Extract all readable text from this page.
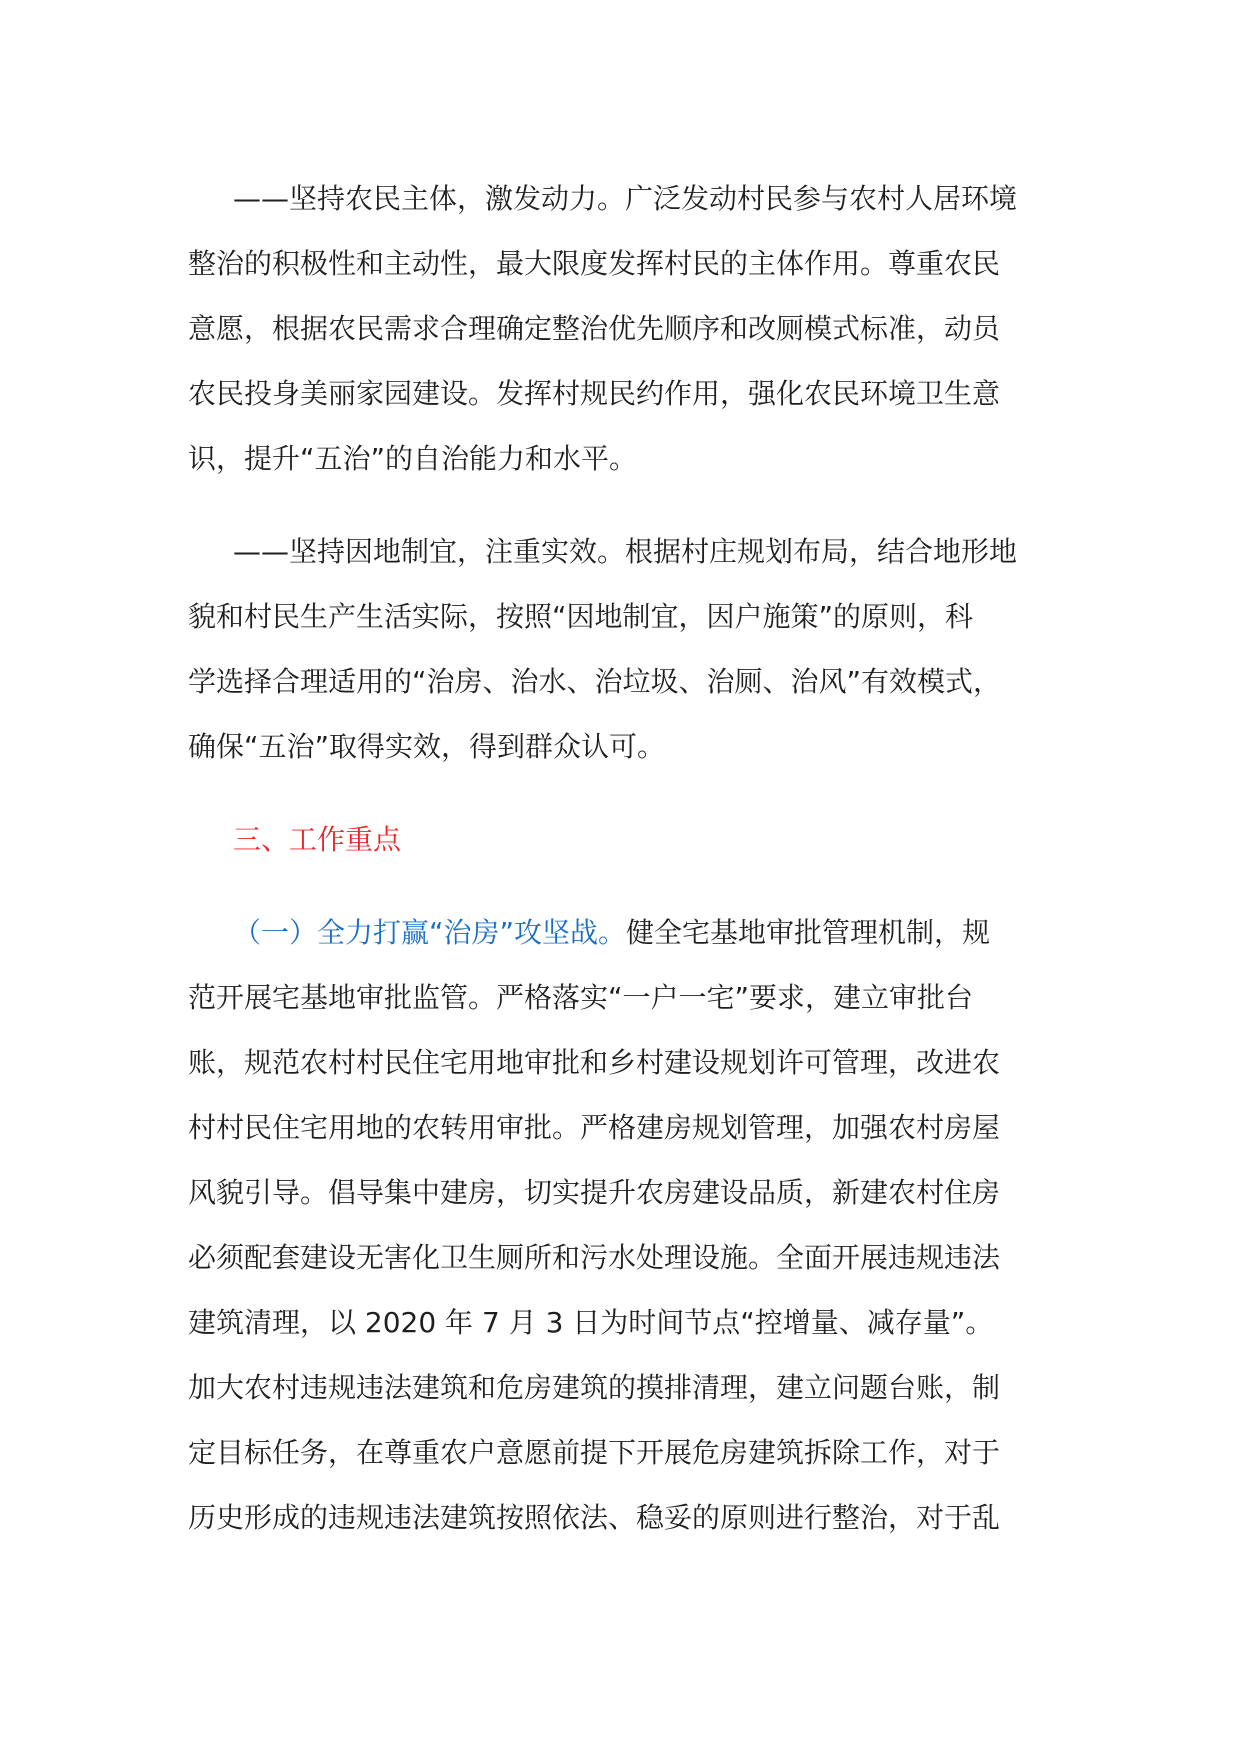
——坚持农民主体，激发动力。广泛发动村民参与农村人居环境
整治的积极性和主动性，最大限度发挥村民的主体作用。尊重农民
意愿，根据农民需求合理确定整治优先顺序和改厕模式标准，动员
农民投身美丽家园建设。发挥村规民约作用，强化农民环境卫生意
识，提升“五治”的自治能力和水平。
——坚持因地制宜，注重实效。根据村庄规划布局，结合地形地
貌和村民生产生活实际，按照“因地制宜，因户施策”的原则，科
学选择合理适用的“治房、治水、治垃圾、治厕、治风”有效模式，
确保“五治”取得实效，得到群众认可。
三、工作重点
（一）全力打赢“治房”攻坚战。健全宅基地审批管理机制，规
范开展宅基地审批监管。严格落实“一户一宅”要求，建立审批台
账，规范农村村民住宅用地审批和乡村建设规划许可管理，改进农
村村民住宅用地的农转用审批。严格建房规划管理，加强农村房屋
风貌引导。倡导集中建房，切实提升农房建设品质，新建农村住房
必须配套建设无害化卫生厕所和污水处理设施。全面开展违规违法
建筑清理，以 2020 年 7 月 3 日为时间节点“控增量、减存量”。
加大农村违规违法建筑和危房建筑的摸排清理，建立问题台账，制
定目标任务，在尊重农户意愿前提下开展危房建筑拆除工作，对于
历史形成的违规违法建筑按照依法、稳妥的原则进行整治，对于乱
